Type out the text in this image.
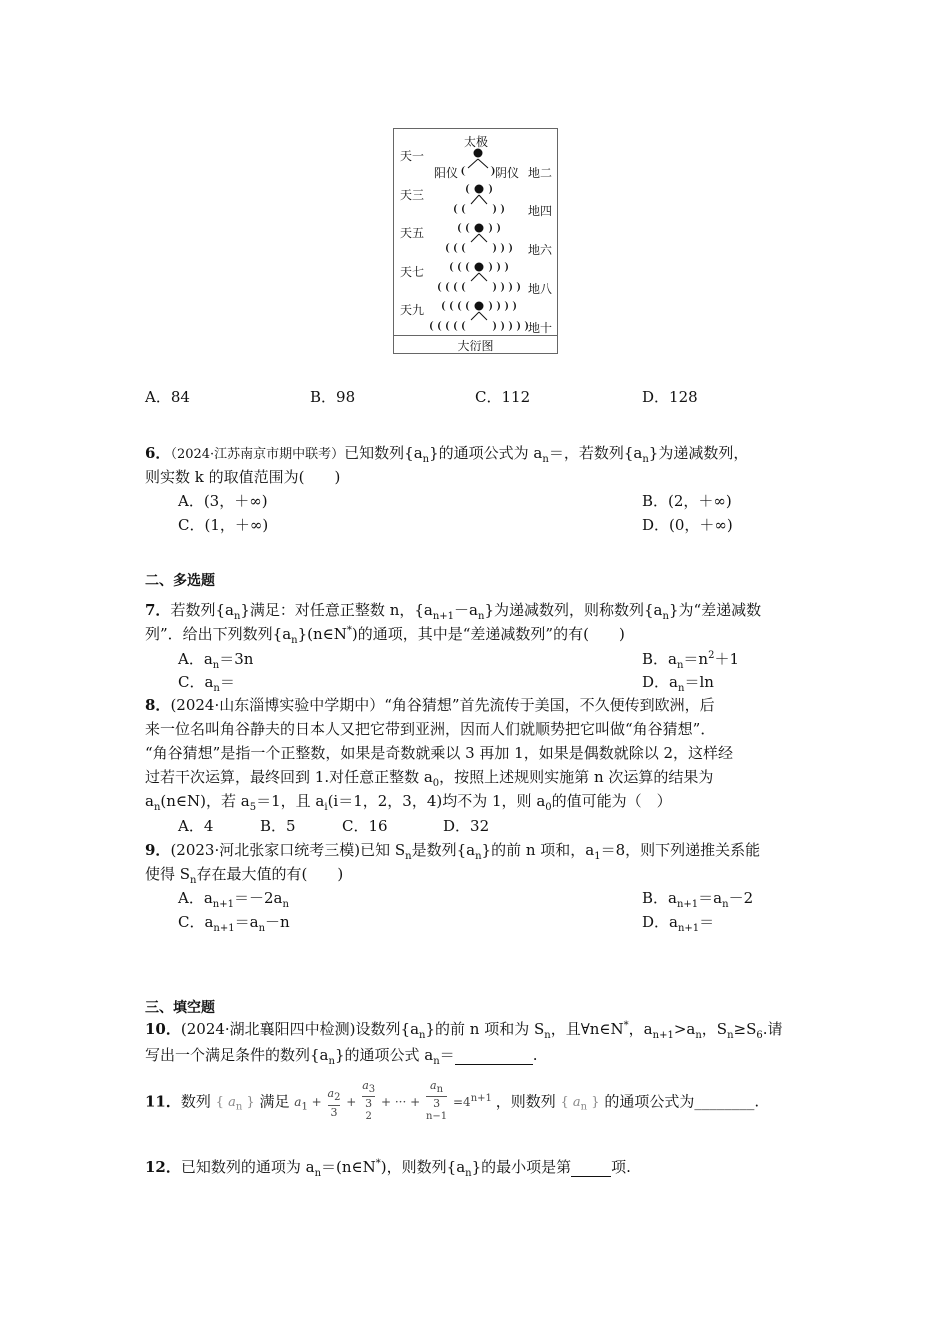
太极
天一
天三
天五
天七
天九
阳仪	阴仪 地二
地四
地六
地八
地十
大衍图
A．84	B．98	C．112	D．128
6．（2024·江苏南京市期中联考）已知数列$\{a_n\}$的通项公式为 $a_n=$，若数列$\{a_n\}$为递减数列，
则实数 k 的取值范围为(　　)
A．(3，＋∞)	B．(2，＋∞)
C．(1，＋∞)	D．(0，＋∞)
二、多选题
7．若数列$\{a_n\}$满足：对任意正整数 n，$\{a_{n+1}-a_n\}$为递减数列，则称数列$\{a_n\}$为“差递减数
列”．给出下列数列$\{a_n\}(n\in N^*)$的通项，其中是“差递减数列”的有(　　)
A．$a_n=3n$	B．$a_n=n^2+1$
C．$a_n=$	D．$a_n=\ln$
8．(2024·山东淄博实验中学期中）“角谷猜想”首先流传于美国，不久便传到欧洲，后
来一位名叫角谷静夫的日本人又把它带到亚洲，因而人们就顺势把它叫做“角谷猜想”．
“角谷猜想”是指一个正整数，如果是奇数就乘以 3 再加 1，如果是偶数就除以 2，这样经
过若干次运算，最终回到 1.对任意正整数 $a_0$，按照上述规则实施第 n 次运算的结果为
$a_n(n\in N)$，若 $a_5=1$，且 $a_i(i=1$，2，3，4)均不为 1，则 $a_0$的值可能为（　）
A．4	B．5	C．16	D．32
9．(2023·河北张家口统考三模)已知 $S_n$是数列$\{a_n\}$的前 n 项和，$a_1=8$，则下列递推关系能
使得 $S_n$存在最大值的有(　　)
A．$a_{n+1}=-2a_n$	B．$a_{n+1}=a_n-2$
C．$a_{n+1}=a_n-n$	D．$a_{n+1}=$
三、填空题
10．(2024·湖北襄阳四中检测)设数列$\{a_n\}$的前 n 项和为 $S_n$，且∀n∈N*，$a_{n+1}>a_n$，$S_n\ge S_6$.请
写出一个满足条件的数列$\{a_n\}$的通项公式 $a_n=$	.
11．数列 { $a_n$ } 满足 $a_1 + \frac{a_2}{3} + a_3$
3
$^2$ + ··· + $a_n$
3
$^{n-1} =4^{n+1}$ ，则数列 { $a_n$ } 的通项公式为________.
12．已知数列的通项为 $a_n=(n\in N^*)$，则数列$\{a_n\}$的最小项是第	项.
